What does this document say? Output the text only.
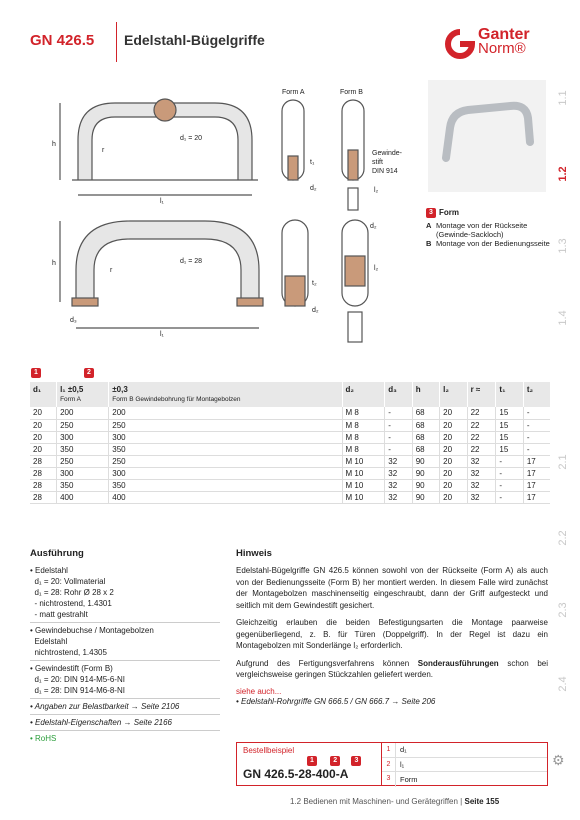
GN 426.5 Edelstahl-Bügelgriffe	Ganter
Norm®
1.1
1.2
1.3
1.4
2.1
2.2
2.3
2.4
Form A	Form B
d₁ = 20
d₁ = 28
h
h
r
r
l₁
l₁
d₃
d₂
d₂
d₂
t₁
t₂
l₂
l₂
Gewinde-
stift
DIN 914
3 Form
A Montage von der Rückseite (Gewinde-Sackloch)
B Montage von der Bedienungsseite
1	2
d₁	l₁ ±0,5
Form A	±0,3
Form B Gewindebohrung für Montagebolzen	d₂	d₃	h	l₂	r ≈	t₁	t₂
20	200	200	M 8	-	68	20	22	15	-
20	250	250	M 8	-	68	20	22	15	-
20	300	300	M 8	-	68	20	22	15	-
20	350	350	M 8	-	68	20	22	15	-
28	250	250	M 10	32	90	20	32	-	17
28	300	300	M 10	32	90	20	32	-	17
28	350	350	M 10	32	90	20	32	-	17
28	400	400	M 10	32	90	20	32	-	17
Ausführung
• Edelstahl
d₁ = 20: Vollmaterial
d₁ = 28: Rohr Ø 28 x 2
- nichtrostend, 1.4301
- matt gestrahlt
• Gewindebuchse / Montagebolzen
Edelstahl
nichtrostend, 1.4305
• Gewindestift (Form B)
d₁ = 20: DIN 914-M5-6-NI
d₁ = 28: DIN 914-M6-8-NI
• Angaben zur Belastbarkeit → Seite 2106
• Edelstahl-Eigenschaften → Seite 2166
• RoHS
Hinweis
Edelstahl-Bügelgriffe GN 426.5 können sowohl von der Rückseite (Form A) als auch von der Bedienungsseite (Form B) her montiert werden. In diesem Falle wird zunächst der Montagebolzen maschinenseitig eingeschraubt, dann der Griff aufgesteckt und seitlich mit dem Gewindestift gesichert.
Gleichzeitig erlauben die beiden Befestigungsarten die Montage paarweise gegenüberliegend, z. B. für Türen (Doppelgriff). In der Regel ist dazu ein Montagebolzen mit Sonderlänge l₂ erforderlich.
Aufgrund des Fertigungsverfahrens können Sonderausführungen schon bei vergleichsweise geringen Stückzahlen geliefert werden.
siehe auch...
• Edelstahl-Rohrgriffe GN 666.5 / GN 666.7 → Seite 206
Bestellbeispiel
1	2 3
GN 426.5-28-400-A
1	d₁
2	l₁
3	Form
⚙
1.2 Bedienen mit Maschinen- und Gerätegriffen | Seite 155
